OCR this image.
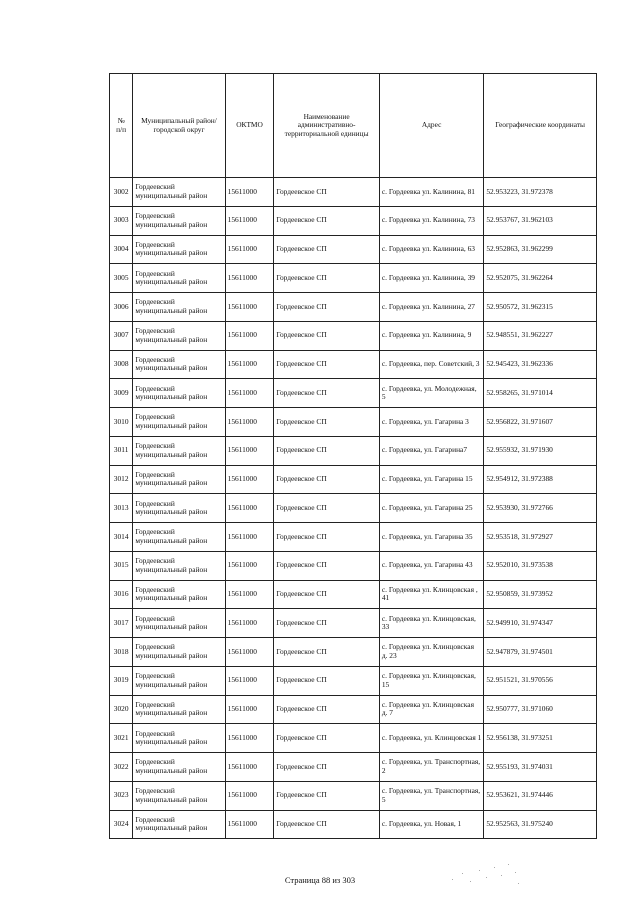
№ п/п	Муниципальный район/городской округ	ОКТМО	Наименование административно-территориальной единицы	Адрес	Географические координаты
3002	Гордеевский муниципальный район	15611000	Гордеевское СП	с. Гордеевка ул. Калинина, 81	52.953223, 31.972378
3003	Гордеевский муниципальный район	15611000	Гордеевское СП	с. Гордеевка ул. Калинина, 73	52.953767, 31.962103
3004	Гордеевский муниципальный район	15611000	Гордеевское СП	с. Гордеевка ул. Калинина, 63	52.952863, 31.962299
3005	Гордеевский муниципальный район	15611000	Гордеевское СП	с. Гордеевка ул. Калинина, 39	52.952075, 31.962264
3006	Гордеевский муниципальный район	15611000	Гордеевское СП	с. Гордеевка ул. Калинина, 27	52.950572, 31.962315
3007	Гордеевский муниципальный район	15611000	Гордеевское СП	с. Гордеевка ул. Калинина, 9	52.948551, 31.962227
3008	Гордеевский муниципальный район	15611000	Гордеевское СП	с. Гордеевка, пер. Советский, 3	52.945423, 31.962336
3009	Гордеевский муниципальный район	15611000	Гордеевское СП	с. Гордеевка, ул. Молодежная, 5	52.958265, 31.971014
3010	Гордеевский муниципальный район	15611000	Гордеевское СП	с. Гордеевка, ул. Гагарина 3	52.956822, 31.971607
3011	Гордеевский муниципальный район	15611000	Гордеевское СП	с. Гордеевка, ул. Гагарина7	52.955932, 31.971930
3012	Гордеевский муниципальный район	15611000	Гордеевское СП	с. Гордеевка, ул. Гагарина 15	52.954912, 31.972388
3013	Гордеевский муниципальный район	15611000	Гордеевское СП	с. Гордеевка, ул. Гагарина 25	52.953930, 31.972766
3014	Гордеевский муниципальный район	15611000	Гордеевское СП	с. Гордеевка, ул. Гагарина 35	52.953518, 31.972927
3015	Гордеевский муниципальный район	15611000	Гордеевское СП	с. Гордеевка, ул. Гагарина 43	52.952010, 31.973538
3016	Гордеевский муниципальный район	15611000	Гордеевское СП	с. Гордеевка ул. Клинцовская , 41	52.950859, 31.973952
3017	Гордеевский муниципальный район	15611000	Гордеевское СП	с. Гордеевка ул. Клинцовская, 33	52.949910, 31.974347
3018	Гордеевский муниципальный район	15611000	Гордеевское СП	с. Гордеевка ул. Клинцовская д. 23	52.947879, 31.974501
3019	Гордеевский муниципальный район	15611000	Гордеевское СП	с. Гордеевка ул. Клинцовская, 15	52.951521, 31.970556
3020	Гордеевский муниципальный район	15611000	Гордеевское СП	с. Гордеевка ул. Клинцовская д. 7	52.950777, 31.971060
3021	Гордеевский муниципальный район	15611000	Гордеевское СП	с. Гордеевка, ул. Клинцовская 1	52.956138, 31.973251
3022	Гордеевский муниципальный район	15611000	Гордеевское СП	с. Гордеевка, ул. Транспортная, 2	52.955193, 31.974031
3023	Гордеевский муниципальный район	15611000	Гордеевское СП	с. Гордеевка, ул. Транспортная, 5	52.953621, 31.974446
3024	Гордеевский муниципальный район	15611000	Гордеевское СП	с. Гордеевка, ул. Новая, 1	52.952563, 31.975240
Страница 88 из 303
